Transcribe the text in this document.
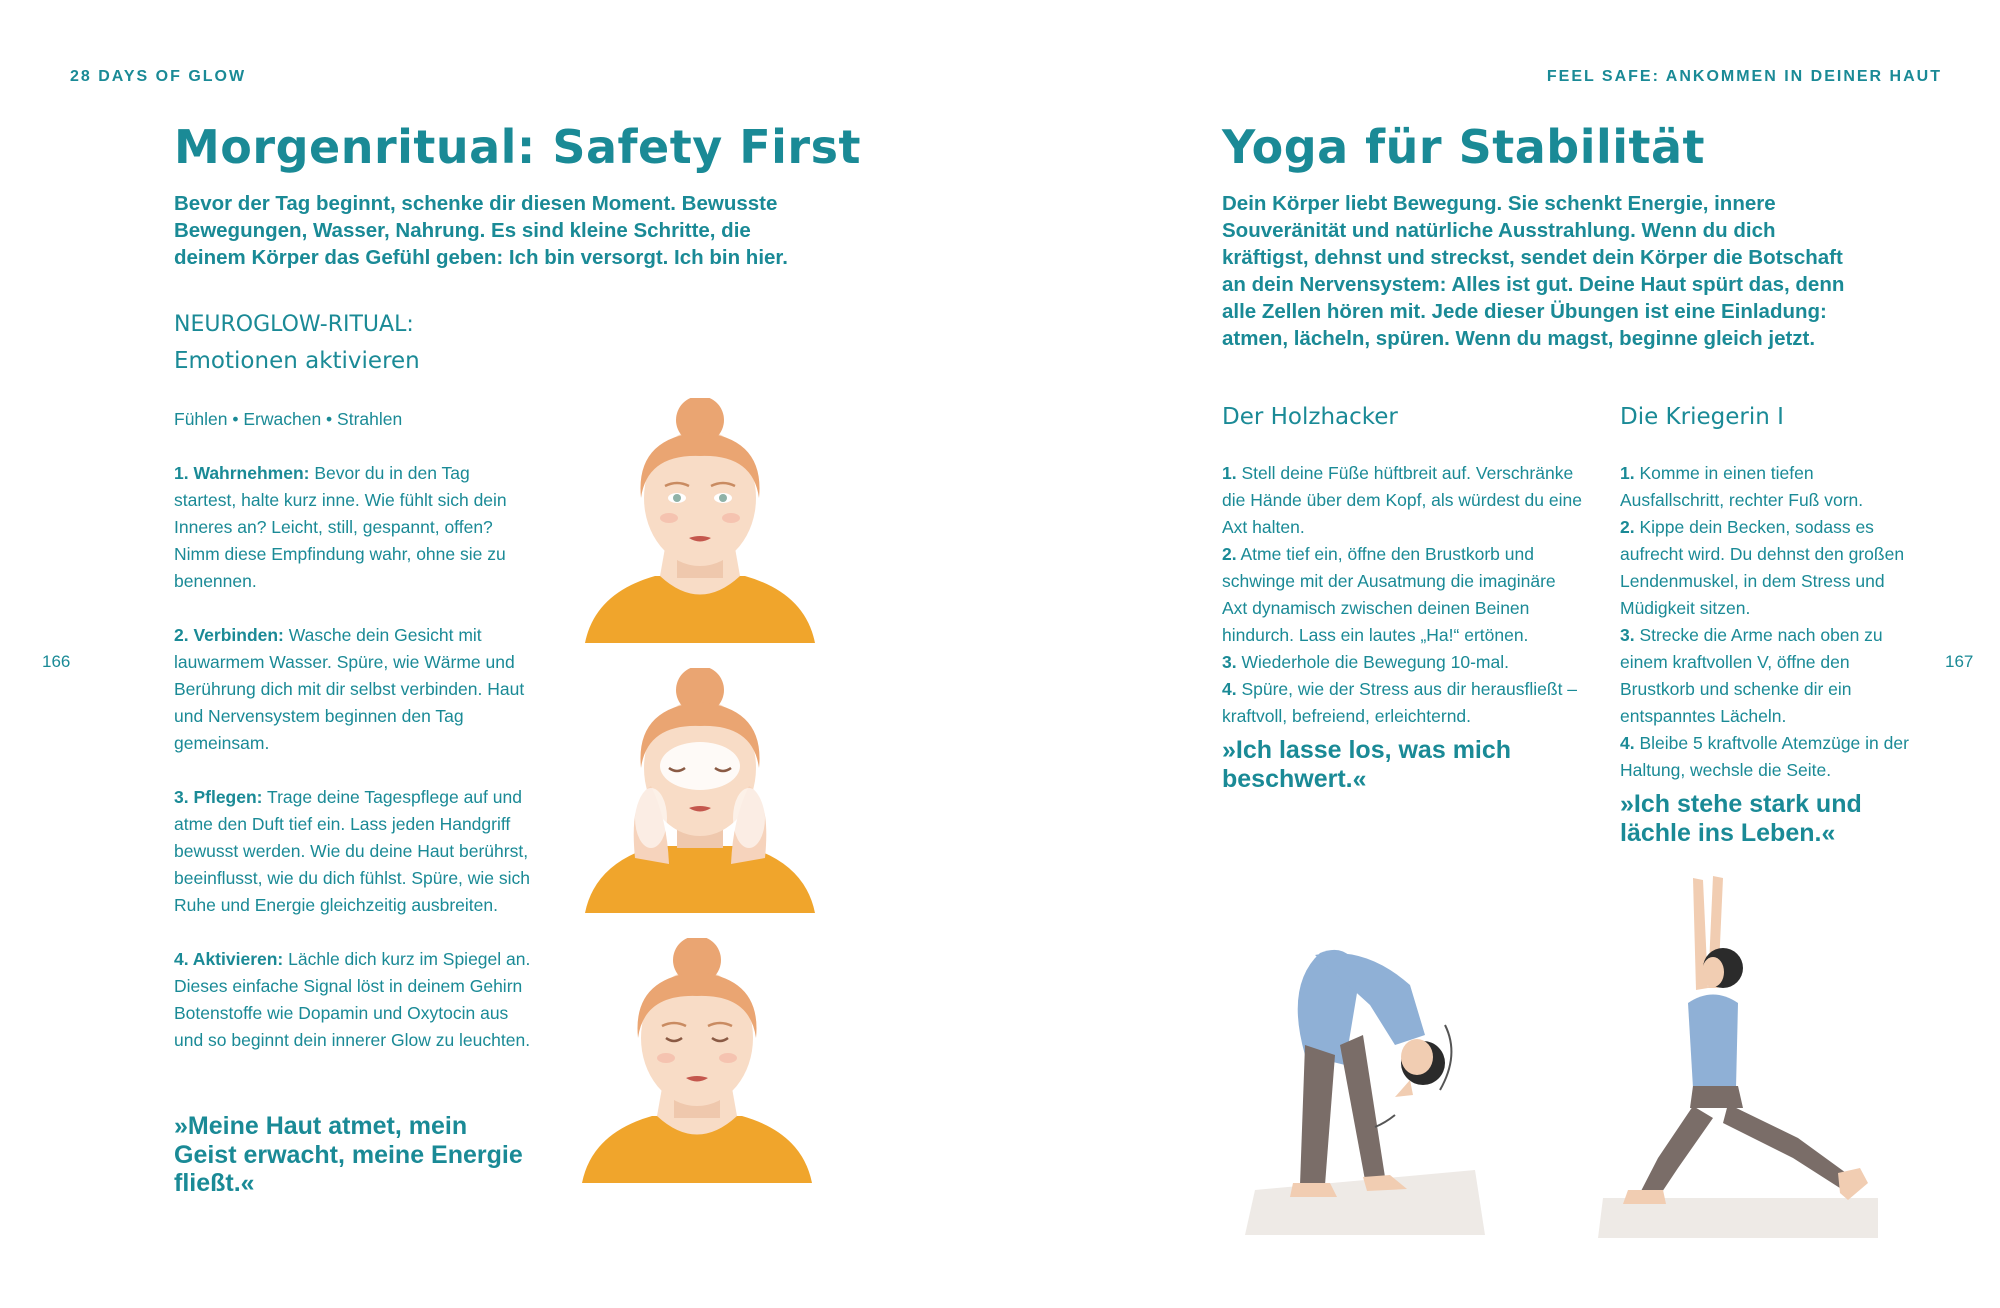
28 DAYS OF GLOW
166
Morgenritual: Safety First
Bevor der Tag beginnt, schenke dir diesen Moment. Bewusste Bewegungen, Wasser, Nahrung. Es sind kleine Schritte, die deinem Körper das Gefühl geben: Ich bin versorgt. Ich bin hier.
NEUROGLOW-RITUAL:
Emotionen aktivieren
Fühlen • Erwachen • Strahlen

1. Wahrnehmen: Bevor du in den Tag startest, halte kurz inne. Wie fühlt sich dein Inneres an? Leicht, still, gespannt, offen? Nimm diese Empfindung wahr, ohne sie zu benennen.

2. Verbinden: Wasche dein Gesicht mit lauwarmem Wasser. Spüre, wie Wärme und Berührung dich mit dir selbst verbinden. Haut und Nervensystem beginnen den Tag gemeinsam.

3. Pflegen: Trage deine Tagespflege auf und atme den Duft tief ein. Lass jeden Handgriff bewusst werden. Wie du deine Haut berührst, beeinflusst, wie du dich fühlst. Spüre, wie sich Ruhe und Energie gleichzeitig ausbreiten.

4. Aktivieren: Lächle dich kurz im Spiegel an. Dieses einfache Signal löst in deinem Gehirn Botenstoffe wie Dopamin und Oxytocin aus und so beginnt dein innerer Glow zu leuchten.

»Meine Haut atmet, mein Geist erwacht, meine Energie fließt.«
FEEL SAFE: ANKOMMEN IN DEINER HAUT
167
Yoga für Stabilität
Dein Körper liebt Bewegung. Sie schenkt Energie, innere Souveränität und natürliche Ausstrahlung. Wenn du dich kräftigst, dehnst und streckst, sendet dein Körper die Botschaft an dein Nervensystem: Alles ist gut. Deine Haut spürt das, denn alle Zellen hören mit. Jede dieser Übungen ist eine Einladung: atmen, lächeln, spüren. Wenn du magst, beginne gleich jetzt.
Der Holzhacker
1. Stell deine Füße hüftbreit auf. Verschränke die Hände über dem Kopf, als würdest du eine Axt halten.
2. Atme tief ein, öffne den Brustkorb und schwinge mit der Ausatmung die imaginäre Axt dynamisch zwischen deinen Beinen hindurch. Lass ein lautes „Ha!“ ertönen.
3. Wiederhole die Bewegung 10-mal.
4. Spüre, wie der Stress aus dir herausfließt – kraftvoll, befreiend, erleichternd.
»Ich lasse los, was mich beschwert.«
Die Kriegerin I
1. Komme in einen tiefen Ausfallschritt, rechter Fuß vorn.
2. Kippe dein Becken, sodass es aufrecht wird. Du dehnst den großen Lendenmuskel, in dem Stress und Müdigkeit sitzen.
3. Strecke die Arme nach oben zu einem kraftvollen V, öffne den Brustkorb und schenke dir ein entspanntes Lächeln.
4. Bleibe 5 kraftvolle Atemzüge in der Haltung, wechsle die Seite.
»Ich stehe stark und lächle ins Leben.«
